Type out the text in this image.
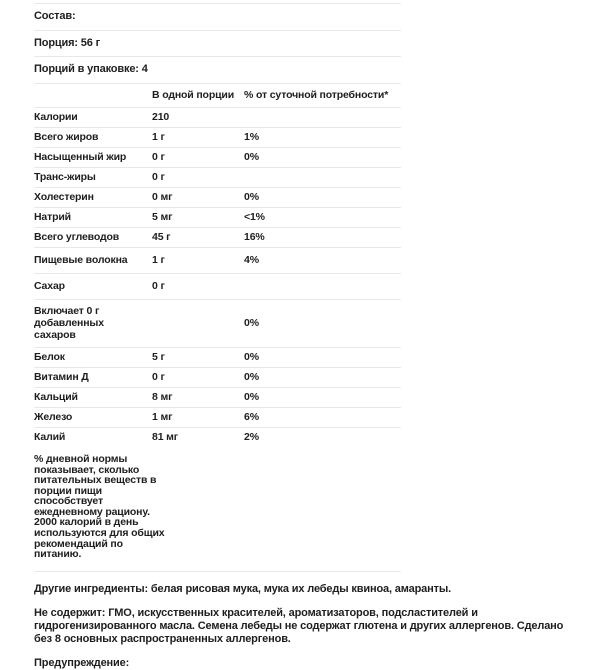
Состав:
Порция: 56 г
Порций в упаковке: 4
	В одной порции	% от суточной потребности*
Калории	210	
Всего жиров	1 г	1%
Насыщенный жир	0 г	0%
Транс-жиры	0 г	
Холестерин	0 мг	0%
Натрий	5 мг	<1%
Всего углеводов	45 г	16%
Пищевые волокна	1 г	4%
Сахар	0 г	
Включает 0 г добавленных сахаров		0%
Белок	5 г	0%
Витамин Д	0 г	0%
Кальций	8 мг	0%
Железо	1 мг	6%
Калий	81 мг	2%
% дневной нормы показывает, сколько питательных веществ в порции пищи способствует ежедневному рациону. 2000 калорий в день используются для общих рекомендаций по питанию.

Другие ингредиенты: белая рисовая мука, мука их лебеды квиноа, амаранты.

Не содержит: ГМО, искусственных красителей, ароматизаторов, подсластителей и гидрогенизированного масла. Семена лебеды не содержат глютена и других аллергенов. Сделано без 8 основных распространенных аллергенов.

Предупреждение:
